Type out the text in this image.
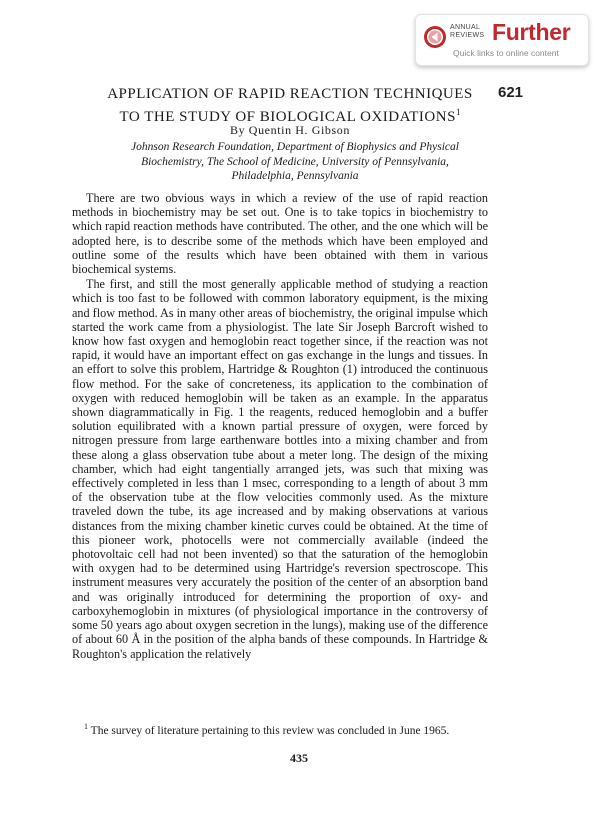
ANNUAL
REVIEWS Further
Quick links to online content
621
APPLICATION OF RAPID REACTION TECHNIQUES
TO THE STUDY OF BIOLOGICAL OXIDATIONS$^1$
By Quentin H. Gibson
Johnson Research Foundation, Department of Biophysics and Physical
Biochemistry, The School of Medicine, University of Pennsylvania,
Philadelphia, Pennsylvania

There are two obvious ways in which a review of the use of rapid reaction methods in biochemistry may be set out. One is to take topics in biochemistry to which rapid reaction methods have contributed. The other, and the one which will be adopted here, is to describe some of the methods which have been employed and outline some of the results which have been obtained with them in various biochemical systems.

The first, and still the most generally applicable method of studying a reaction which is too fast to be followed with common laboratory equipment, is the mixing and flow method. As in many other areas of biochemistry, the original impulse which started the work came from a physiologist. The late Sir Joseph Barcroft wished to know how fast oxygen and hemoglobin react together since, if the reaction was not rapid, it would have an important effect on gas exchange in the lungs and tissues. In an effort to solve this problem, Hartridge & Roughton (1) introduced the continuous flow method. For the sake of concreteness, its application to the combination of oxygen with reduced hemoglobin will be taken as an example. In the apparatus shown diagrammatically in Fig. 1 the reagents, reduced hemoglobin and a buffer solution equilibrated with a known partial pressure of oxygen, were forced by nitrogen pressure from large earthenware bottles into a mixing chamber and from these along a glass observation tube about a meter long. The design of the mixing chamber, which had eight tangentially arranged jets, was such that mixing was effectively completed in less than 1 msec, corresponding to a length of about 3 mm of the observation tube at the flow velocities commonly used. As the mixture traveled down the tube, its age increased and by making observations at various distances from the mixing chamber kinetic curves could be obtained. At the time of this pioneer work, photocells were not commercially available (indeed the photovoltaic cell had not been invented) so that the saturation of the hemoglobin with oxygen had to be determined using Hartridge's reversion spectroscope. This instrument measures very accurately the position of the center of an absorption band and was originally introduced for determining the proportion of oxy- and carboxyhemoglobin in mixtures (of physiological importance in the controversy of some 50 years ago about oxygen secretion in the lungs), making use of the difference of about 60 Å in the position of the alpha bands of these compounds. In Hartridge & Roughton's application the relatively

$^1$ The survey of literature pertaining to this review was concluded in June 1965.
435
